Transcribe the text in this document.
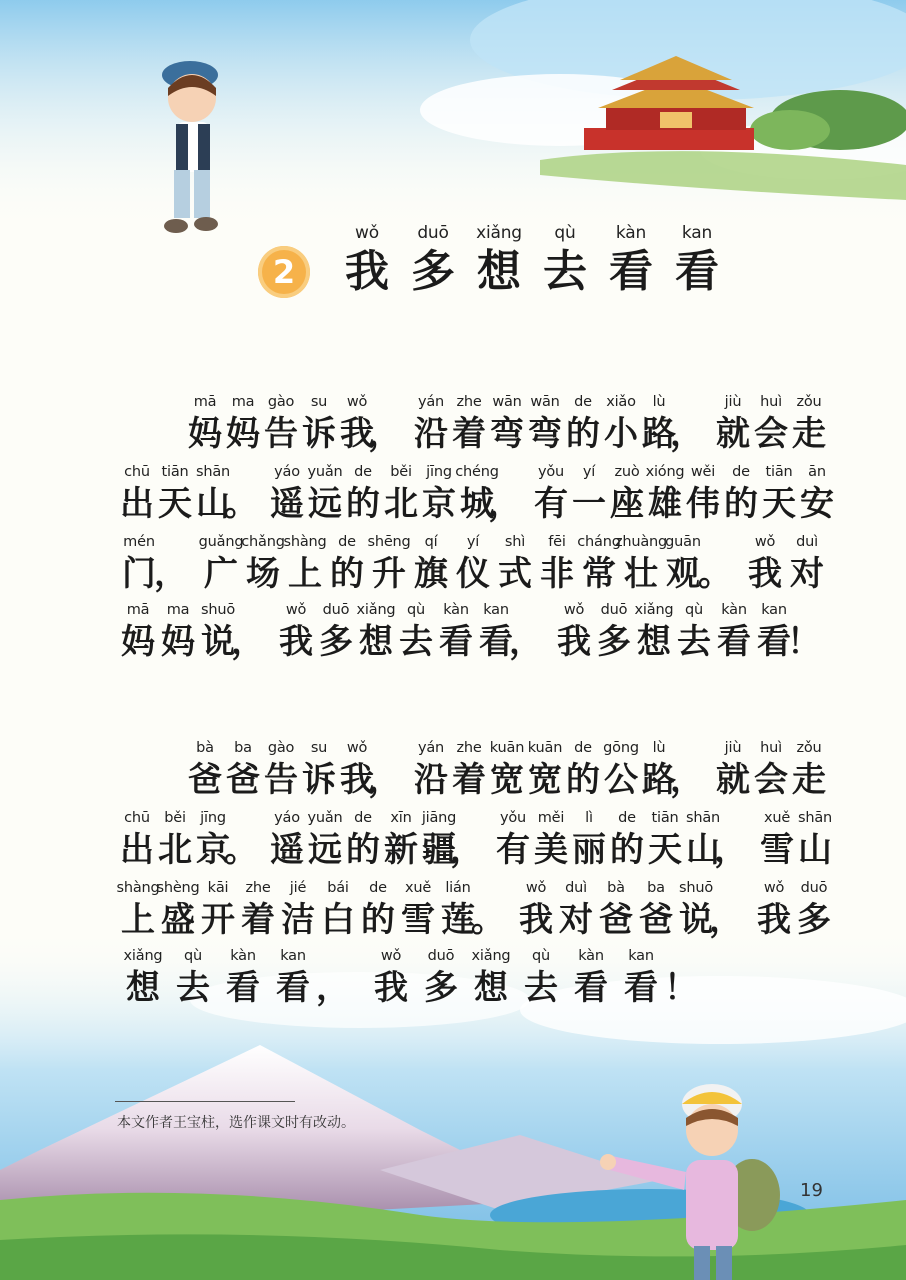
2
wǒ
我
duō
多
xiǎng
想
qù
去
kàn
看
kan
看
mā
妈
ma
妈
gào
告
su
诉
wǒ
我
，
yán
沿
zhe
着
wān
弯
wān
弯
de
的
xiǎo
小
lù
路
，
jiù
就
huì
会
zǒu
走
chū
出
tiān
天
shān
山
。
yáo
遥
yuǎn
远
de
的
běi
北
jīng
京
chéng
城
，
yǒu
有
yí
一
zuò
座
xióng
雄
wěi
伟
de
的
tiān
天
ān
安
mén
门
，
guǎng
广
chǎng
场
shàng
上
de
的
shēng
升
qí
旗
yí
仪
shì
式
fēi
非
cháng
常
zhuàng
壮
guān
观
。
wǒ
我
duì
对
mā
妈
ma
妈
shuō
说
，
wǒ
我
duō
多
xiǎng
想
qù
去
kàn
看
kan
看
，
wǒ
我
duō
多
xiǎng
想
qù
去
kàn
看
kan
看
！
bà
爸
ba
爸
gào
告
su
诉
wǒ
我
，
yán
沿
zhe
着
kuān
宽
kuān
宽
de
的
gōng
公
lù
路
，
jiù
就
huì
会
zǒu
走
chū
出
běi
北
jīng
京
。
yáo
遥
yuǎn
远
de
的
xīn
新
jiāng
疆
，
yǒu
有
měi
美
lì
丽
de
的
tiān
天
shān
山
，
xuě
雪
shān
山
shàng
上
shèng
盛
kāi
开
zhe
着
jié
洁
bái
白
de
的
xuě
雪
lián
莲
。
wǒ
我
duì
对
bà
爸
ba
爸
shuō
说
，
wǒ
我
duō
多
xiǎng
想
qù
去
kàn
看
kan
看 ，
wǒ
我
duō
多
xiǎng
想
qù
去
kàn
看
kan
看 ！
本文作者王宝柱，选作课文时有改动。
19
